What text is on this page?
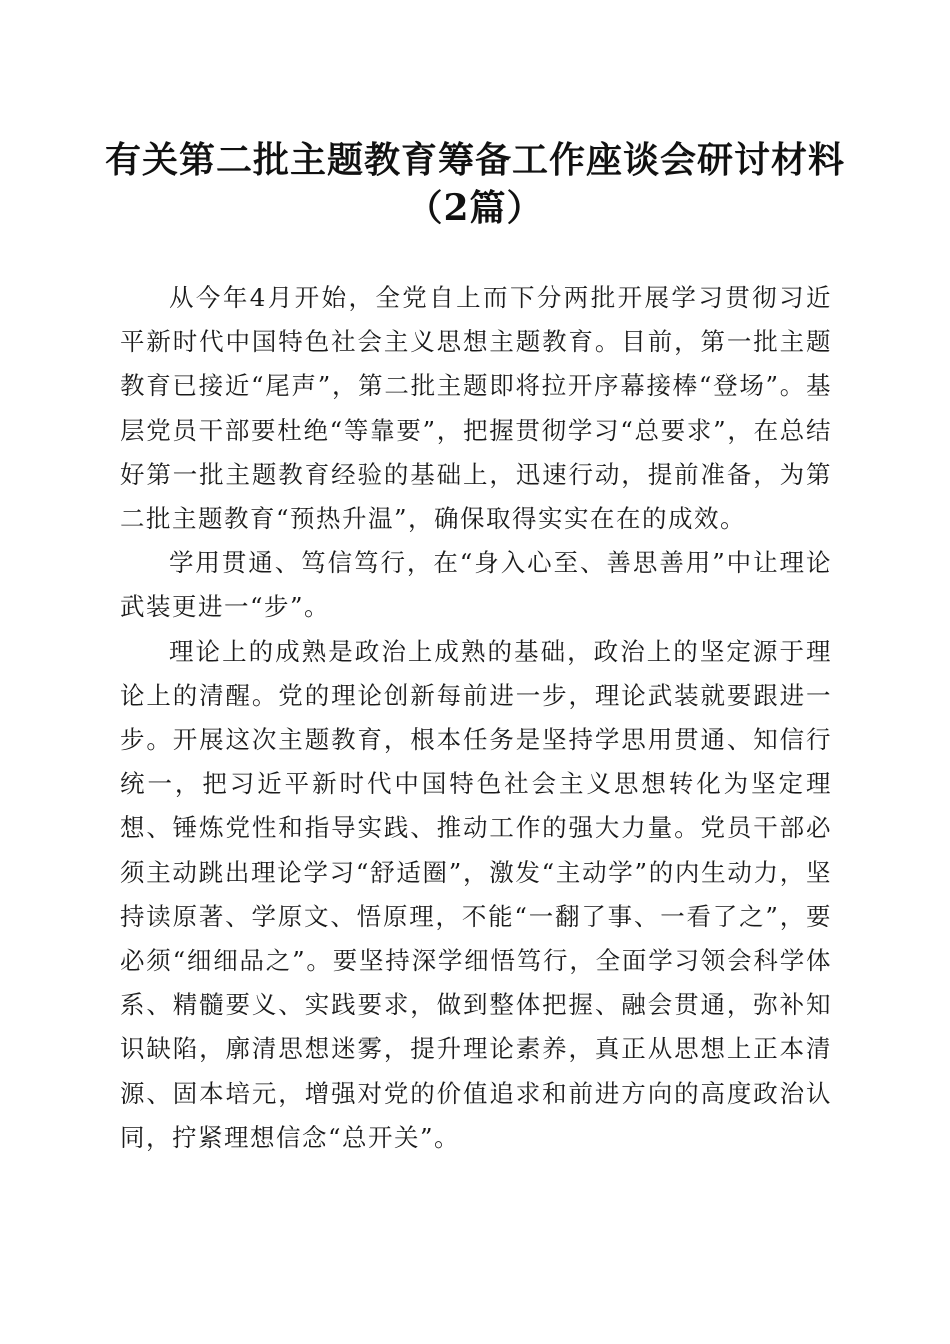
有关第二批主题教育筹备工作座谈会研讨材料
（2篇）

从今年4月开始，全党自上而下分两批开展学习贯彻习近平新时代中国特色社会主义思想主题教育。目前，第一批主题教育已接近“尾声”，第二批主题即将拉开序幕接棒“登场”。基层党员干部要杜绝“等靠要”，把握贯彻学习“总要求”，在总结好第一批主题教育经验的基础上，迅速行动，提前准备，为第二批主题教育“预热升温”，确保取得实实在在的成效。

学用贯通、笃信笃行，在“身入心至、善思善用”中让理论武装更进一“步”。

理论上的成熟是政治上成熟的基础，政治上的坚定源于理论上的清醒。党的理论创新每前进一步，理论武装就要跟进一步。开展这次主题教育，根本任务是坚持学思用贯通、知信行统一，把习近平新时代中国特色社会主义思想转化为坚定理想、锤炼党性和指导实践、推动工作的强大力量。党员干部必须主动跳出理论学习“舒适圈”，激发“主动学”的内生动力，坚持读原著、学原文、悟原理，不能“一翻了事、一看了之”，要必须“细细品之”。要坚持深学细悟笃行，全面学习领会科学体系、精髓要义、实践要求，做到整体把握、融会贯通，弥补知识缺陷，廓清思想迷雾，提升理论素养，真正从思想上正本清源、固本培元，增强对党的价值追求和前进方向的高度政治认同，拧紧理想信念“总开关”。
